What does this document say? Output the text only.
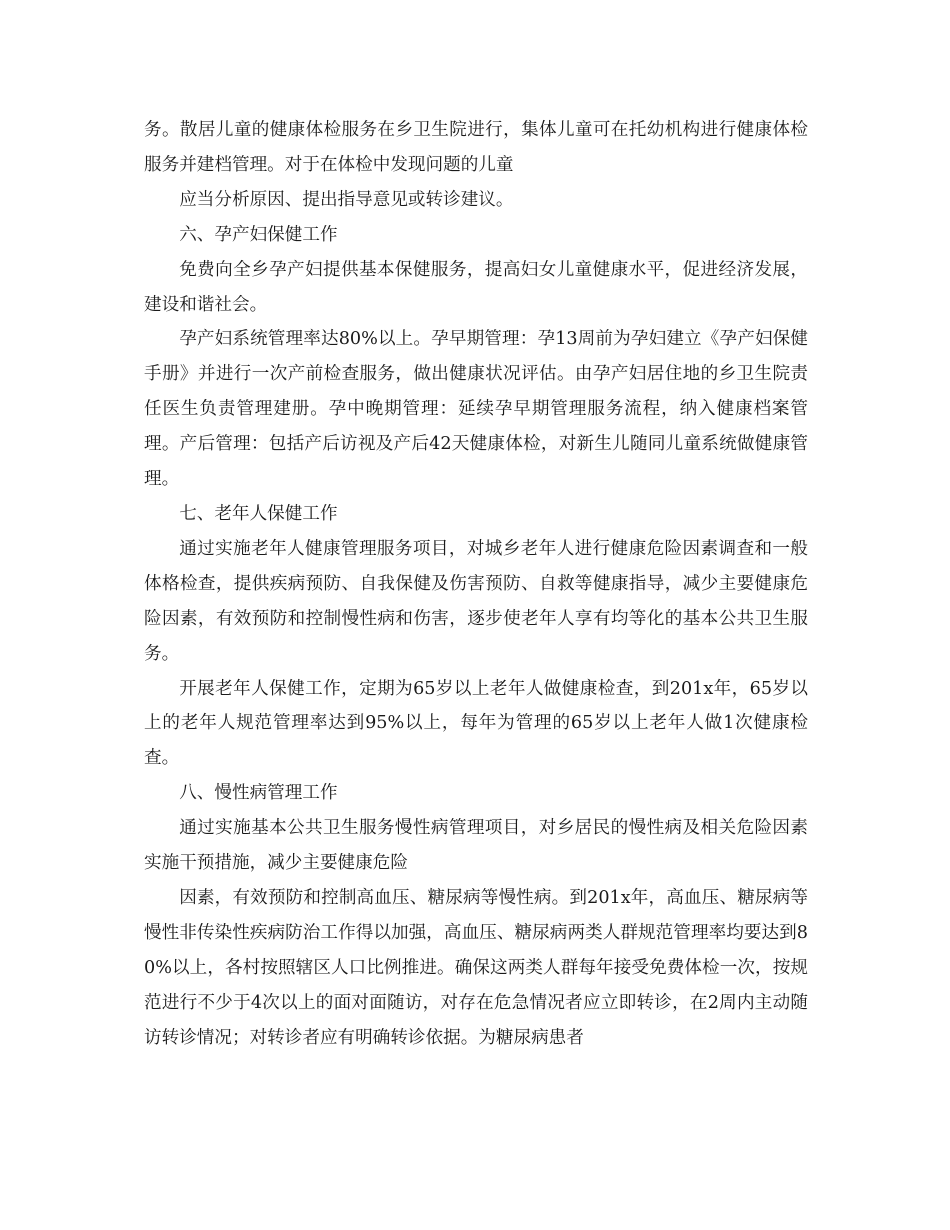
务。散居儿童的健康体检服务在乡卫生院进行，集体儿童可在托幼机构进行健康体检服务并建档管理。对于在体检中发现问题的儿童

应当分析原因、提出指导意见或转诊建议。

六、孕产妇保健工作

免费向全乡孕产妇提供基本保健服务，提高妇女儿童健康水平，促进经济发展，建设和谐社会。

孕产妇系统管理率达80%以上。孕早期管理：孕13周前为孕妇建立《孕产妇保健手册》并进行一次产前检查服务，做出健康状况评估。由孕产妇居住地的乡卫生院责任医生负责管理建册。孕中晚期管理：延续孕早期管理服务流程，纳入健康档案管理。产后管理：包括产后访视及产后42天健康体检，对新生儿随同儿童系统做健康管理。

七、老年人保健工作

通过实施老年人健康管理服务项目，对城乡老年人进行健康危险因素调查和一般体格检查，提供疾病预防、自我保健及伤害预防、自救等健康指导，减少主要健康危险因素，有效预防和控制慢性病和伤害，逐步使老年人享有均等化的基本公共卫生服务。

开展老年人保健工作，定期为65岁以上老年人做健康检查，到201x年，65岁以上的老年人规范管理率达到95%以上，每年为管理的65岁以上老年人做1次健康检查。

八、慢性病管理工作

通过实施基本公共卫生服务慢性病管理项目，对乡居民的慢性病及相关危险因素实施干预措施，减少主要健康危险

因素，有效预防和控制高血压、糖尿病等慢性病。到201x年，高血压、糖尿病等慢性非传染性疾病防治工作得以加强，高血压、糖尿病两类人群规范管理率均要达到80%以上，各村按照辖区人口比例推进。确保这两类人群每年接受免费体检一次，按规范进行不少于4次以上的面对面随访，对存在危急情况者应立即转诊，在2周内主动随访转诊情况；对转诊者应有明确转诊依据。为糖尿病患者
